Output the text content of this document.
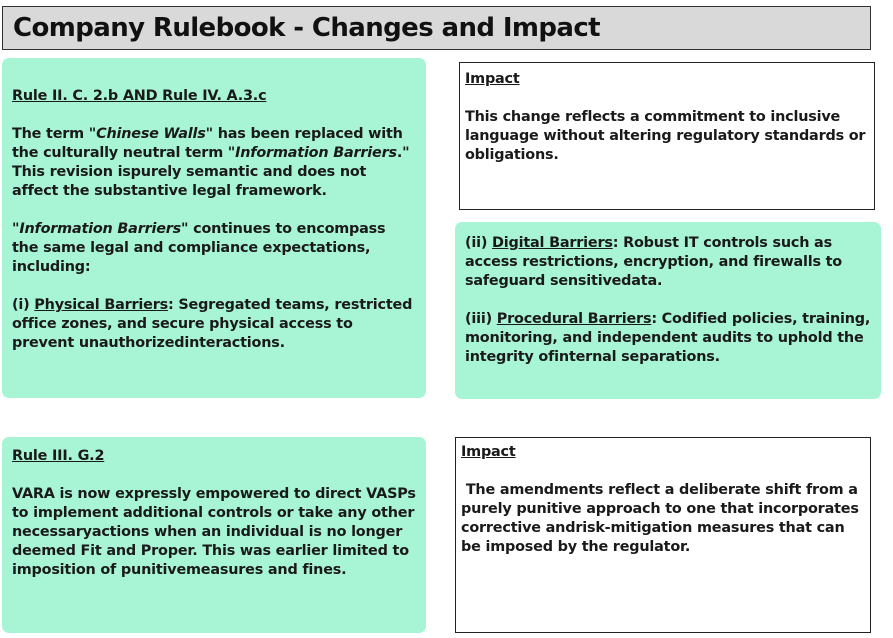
Company Rulebook - Changes and Impact

Rule II. C. 2.b AND Rule IV. A.3.c

The term "Chinese Walls" has been replaced with the culturally neutral term "Information Barriers." This revision ispurely semantic and does not affect the substantive legal framework.

"Information Barriers" continues to encompass the same legal and compliance expectations, including:

(i) Physical Barriers: Segregated teams, restricted office zones, and secure physical access to prevent unauthorizedinteractions.

Impact

This change reflects a commitment to inclusive language without altering regulatory standards or obligations.

(ii) Digital Barriers: Robust IT controls such as access restrictions, encryption, and firewalls to safeguard sensitivedata.

(iii) Procedural Barriers: Codified policies, training, monitoring, and independent audits to uphold the integrity ofinternal separations.

Rule III. G.2

VARA is now expressly empowered to direct VASPs to implement additional controls or take any other necessaryactions when an individual is no longer deemed Fit and Proper. This was earlier limited to imposition of punitivemeasures and fines.

Impact

The amendments reflect a deliberate shift from a purely punitive approach to one that incorporates corrective andrisk-mitigation measures that can be imposed by the regulator.
